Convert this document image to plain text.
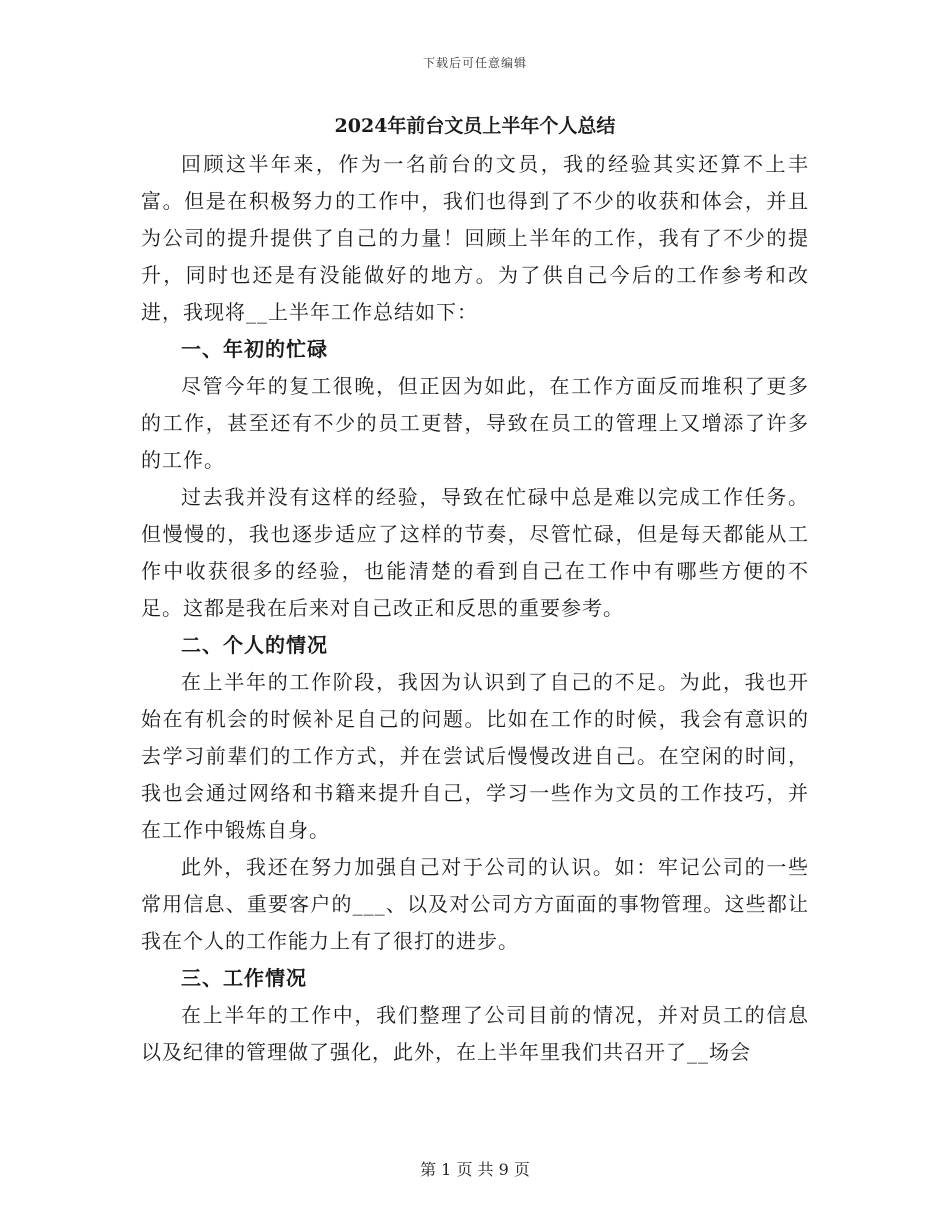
下载后可任意编辑
2024年前台文员上半年个人总结

回顾这半年来，作为一名前台的文员，我的经验其实还算不上丰富。但是在积极努力的工作中，我们也得到了不少的收获和体会，并且为公司的提升提供了自己的力量！回顾上半年的工作，我有了不少的提升，同时也还是有没能做好的地方。为了供自己今后的工作参考和改进，我现将__上半年工作总结如下：

一、年初的忙碌

尽管今年的复工很晚，但正因为如此，在工作方面反而堆积了更多的工作，甚至还有不少的员工更替，导致在员工的管理上又增添了许多的工作。

过去我并没有这样的经验，导致在忙碌中总是难以完成工作任务。但慢慢的，我也逐步适应了这样的节奏，尽管忙碌，但是每天都能从工作中收获很多的经验，也能清楚的看到自己在工作中有哪些方便的不足。这都是我在后来对自己改正和反思的重要参考。

二、个人的情况

在上半年的工作阶段，我因为认识到了自己的不足。为此，我也开始在有机会的时候补足自己的问题。比如在工作的时候，我会有意识的去学习前辈们的工作方式，并在尝试后慢慢改进自己。在空闲的时间，我也会通过网络和书籍来提升自己，学习一些作为文员的工作技巧，并在工作中锻炼自身。

此外，我还在努力加强自己对于公司的认识。如：牢记公司的一些常用信息、重要客户的___、以及对公司方方面面的事物管理。这些都让我在个人的工作能力上有了很打的进步。

三、工作情况

在上半年的工作中，我们整理了公司目前的情况，并对员工的信息以及纪律的管理做了强化，此外，在上半年里我们共召开了__场会

第 1 页 共 9 页
